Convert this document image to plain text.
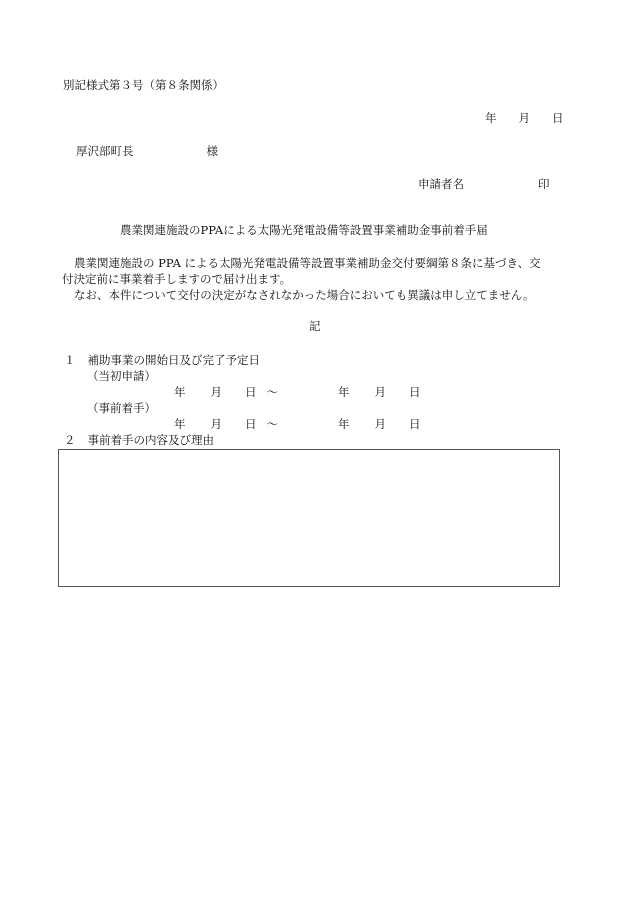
別記様式第３号（第８条関係）
年 月 日
厚沢部町長	様
申請者名	印
農業関連施設のPPAによる太陽光発電設備等設置事業補助金事前着手届
農業関連施設の PPA による太陽光発電設備等設置事業補助金交付要綱第８条に基づき、交
付決定前に事業着手しますので届け出ます。
なお、本件について交付の決定がなされなかった場合においても異議は申し立てません。
記
１ 補助事業の開始日及び完了予定日
（当初申請）
年 月 日 ～	年 月 日
（事前着手）
年 月 日 ～	年 月 日
２ 事前着手の内容及び理由
